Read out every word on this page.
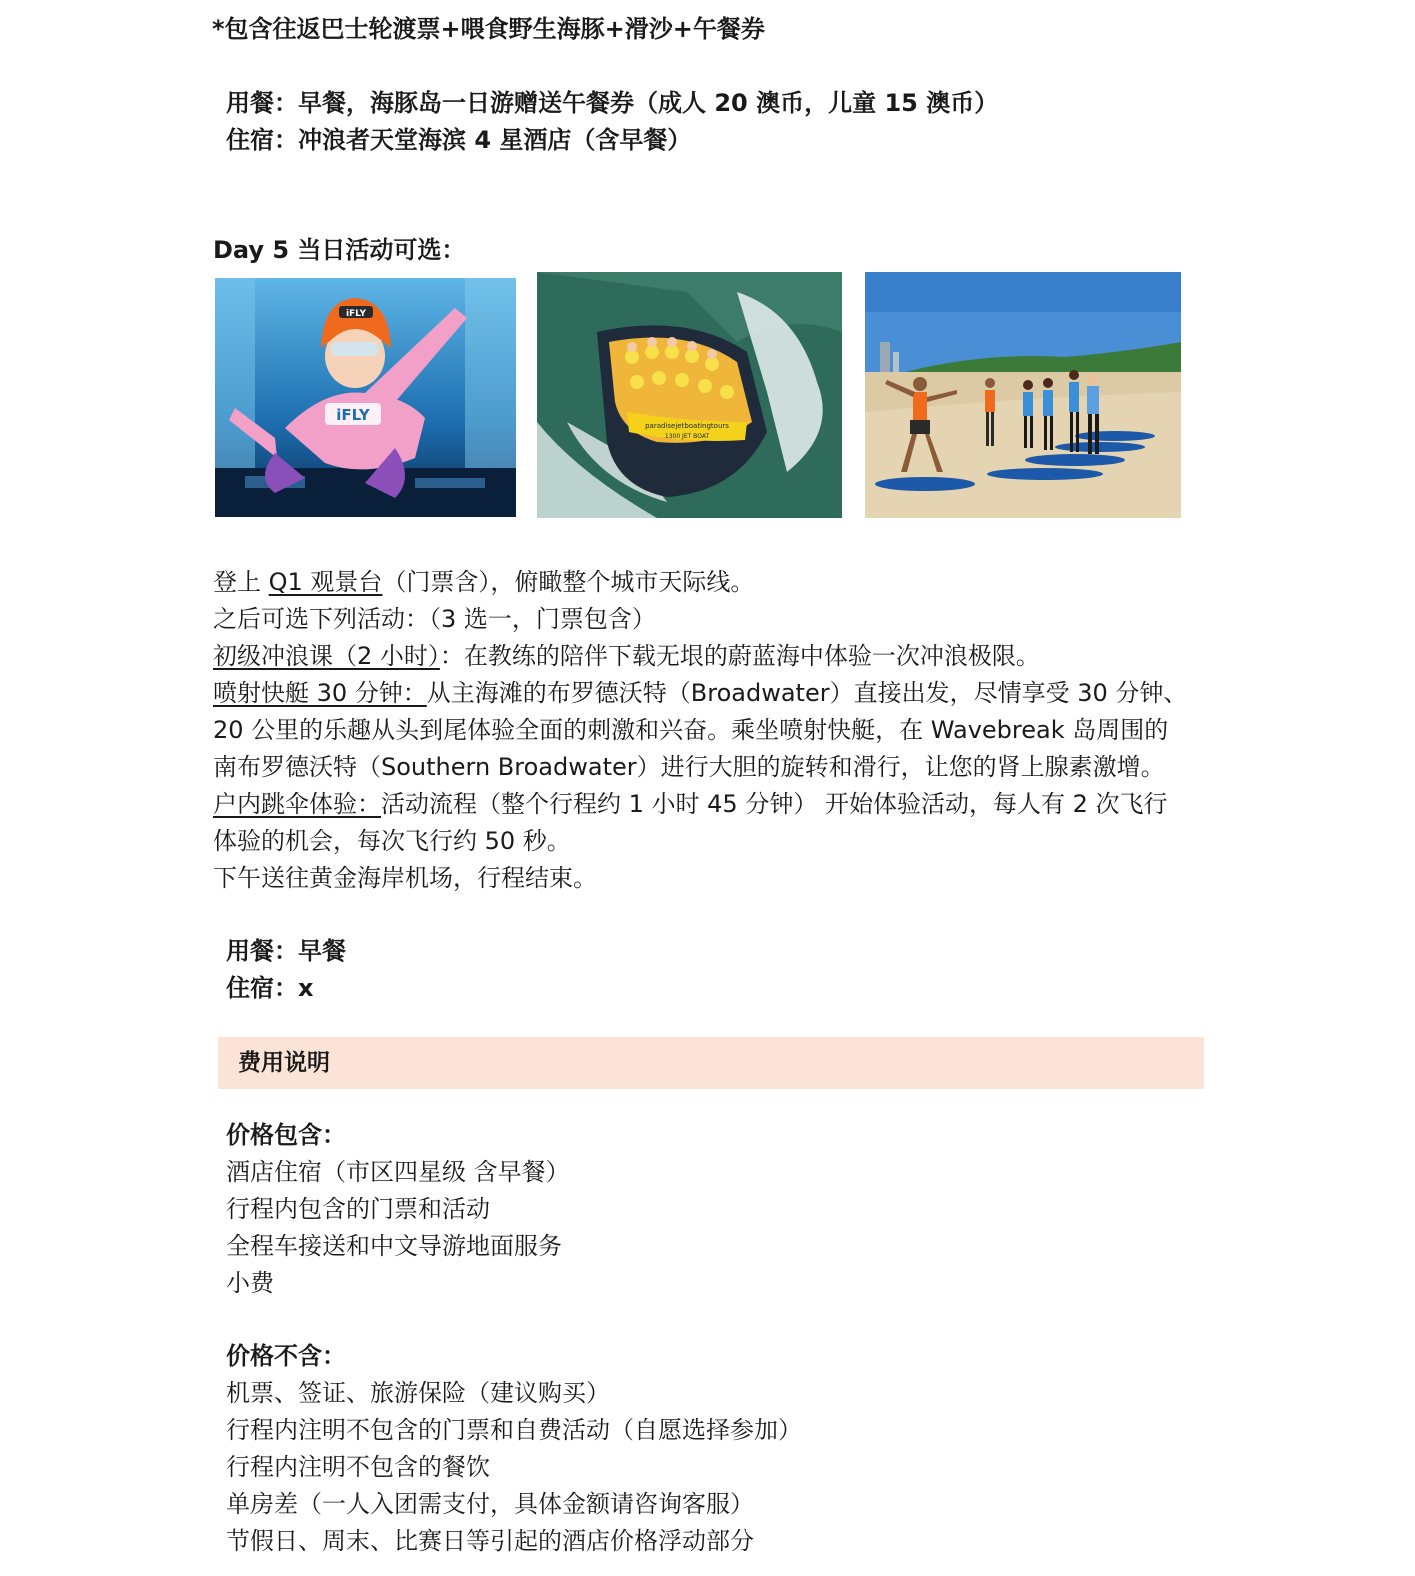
*包含往返巴士轮渡票+喂食野生海豚+滑沙+午餐券
用餐：早餐，海豚岛一日游赠送午餐券（成人 20 澳币，儿童 15 澳币）
住宿：冲浪者天堂海滨 4 星酒店（含早餐）
Day 5 当日活动可选：
iFLY
iFLY
paradisejetboatingtours
1300 JET BOAT
登上 Q1 观景台（门票含），俯瞰整个城市天际线。
之后可选下列活动：（3 选一，门票包含）
初级冲浪课（2 小时）：在教练的陪伴下载无垠的蔚蓝海中体验一次冲浪极限。
喷射快艇 30 分钟：从主海滩的布罗德沃特（Broadwater）直接出发，尽情享受 30 分钟、
20 公里的乐趣从头到尾体验全面的刺激和兴奋。乘坐喷射快艇，在 Wavebreak 岛周围的
南布罗德沃特（Southern Broadwater）进行大胆的旋转和滑行，让您的肾上腺素激增。
户内跳伞体验：活动流程（整个行程约 1 小时 45 分钟） 开始体验活动，每人有 2 次飞行
体验的机会，每次飞行约 50 秒。
下午送往黄金海岸机场，行程结束。
用餐：早餐
住宿：x
费用说明
价格包含：
酒店住宿（市区四星级 含早餐）
行程内包含的门票和活动
全程车接送和中文导游地面服务
小费
价格不含：
机票、签证、旅游保险（建议购买）
行程内注明不包含的门票和自费活动（自愿选择参加）
行程内注明不包含的餐饮
单房差（一人入团需支付，具体金额请咨询客服）
节假日、周末、比赛日等引起的酒店价格浮动部分
